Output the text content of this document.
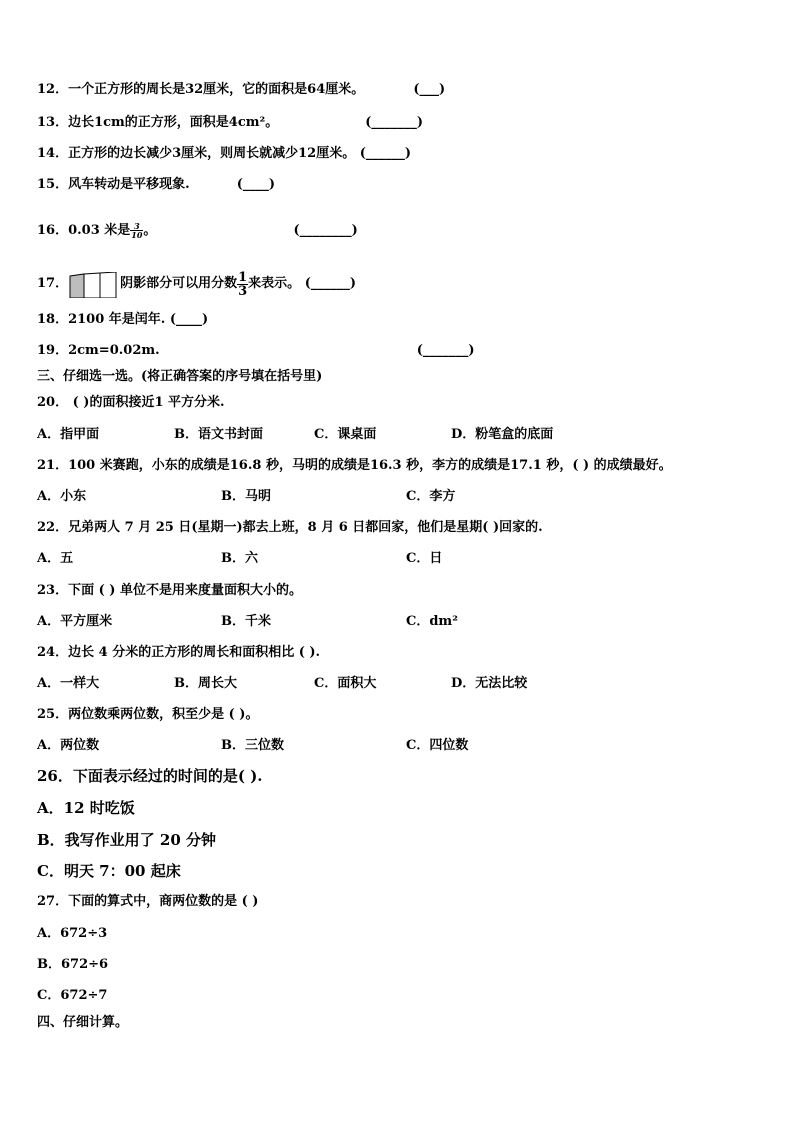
12．一个正方形的周长是32厘米，它的面积是64厘米。	(___)
13．边长1cm的正方形，面积是4cm²。	(_______)
14．正方形的边长减少3厘米，则周长就减少12厘米。 (______)
15．风车转动是平移现象.	(____)
16．0.03 米是 $\frac{3}{10}$ 。	(________)
17．	阴影部分可以用分数 $\frac{1}{3}$ 来表示。 (______)
18．2100 年是闰年. (____)
19．2cm=0.02m.	(_______)
三、仔细选一选。(将正确答案的序号填在括号里)
20． ( )的面积接近1 平方分米.
A．指甲面	B．语文书封面	C．课桌面	D．粉笔盒的底面
21．100 米赛跑，小东的成绩是16.8 秒，马明的成绩是16.3 秒，李方的成绩是17.1 秒，( ) 的成绩最好。
A．小东	B．马明	C．李方
22．兄弟两人 7 月 25 日(星期一)都去上班，8 月 6 日都回家，他们是星期( )回家的.
A．五	B．六	C．日
23．下面 ( ) 单位不是用来度量面积大小的。
A．平方厘米	B．千米	C．dm²
24．边长 4 分米的正方形的周长和面积相比 ( ).
A．一样大	B．周长大	C．面积大	D．无法比较
25．两位数乘两位数，积至少是 ( )。
A．两位数	B．三位数	C．四位数
26．下面表示经过的时间的是( ).
A．12 时吃饭
B．我写作业用了 20 分钟
C．明天 7：00 起床
27．下面的算式中，商两位数的是 ( )
A．672÷3
B．672÷6
C．672÷7
四、仔细计算。
